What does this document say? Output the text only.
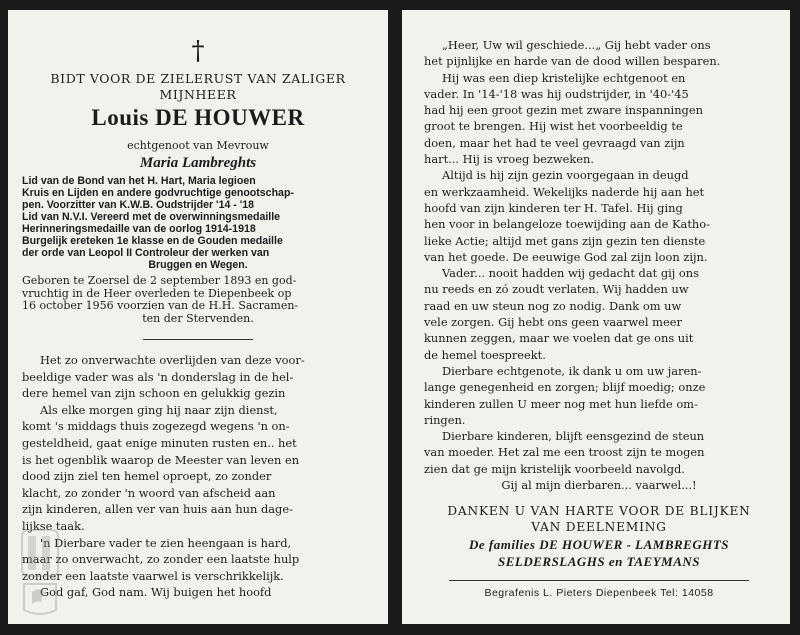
†
BIDT VOOR DE ZIELERUST VAN ZALIGER
MIJNHEER
Louis DE HOUWER
echtgenoot van Mevrouw
Maria Lambreghts
Lid van de Bond van het H. Hart, Maria legioen
Kruis en Lijden en andere godvruchtige genootschap-
pen. Voorzitter van K.W.B. Oudstrijder '14 - '18
Lid van N.V.I. Vereerd met de overwinningsmedaille
Herinneringsmedaille van de oorlog 1914-1918
Burgelijk ereteken 1e klasse en de Gouden medaille
der orde van Leopol II Controleur der werken van
Bruggen en Wegen.
Geboren te Zoersel de 2 september 1893 en god-
vruchtig in de Heer overleden te Diepenbeek op
16 october 1956 voorzien van de H.H. Sacramen-
ten der Stervenden.
Het zo onverwachte overlijden van deze voor-
beeldige vader was als 'n donderslag in de hel-
dere hemel van zijn schoon en gelukkig gezin
Als elke morgen ging hij naar zijn dienst,
komt 's middags thuis zogezegd wegens 'n on-
gesteldheid, gaat enige minuten rusten en.. het
is het ogenblik waarop de Meester van leven en
dood zijn ziel ten hemel oproept, zo zonder
klacht, zo zonder 'n woord van afscheid aan
zijn kinderen, allen ver van huis aan hun dage-
lijkse taak.
'n Dierbare vader te zien heengaan is hard,
maar zo onverwacht, zo zonder een laatste hulp
zonder een laatste vaarwel is verschrikkelijk.
God gaf, God nam. Wij buigen het hoofd
„Heer, Uw wil geschiede...„ Gij hebt vader ons
het pijnlijke en harde van de dood willen besparen.
Hij was een diep kristelijke echtgenoot en
vader. In '14-'18 was hij oudstrijder, in '40-'45
had hij een groot gezin met zware inspanningen
groot te brengen. Hij wist het voorbeeldig te
doen, maar het had te veel gevraagd van zijn
hart... Hij is vroeg bezweken.
Altijd is hij zijn gezin voorgegaan in deugd
en werkzaamheid. Wekelijks naderde hij aan het
hoofd van zijn kinderen ter H. Tafel. Hij ging
hen voor in belangeloze toewijding aan de Katho-
lieke Actie; altijd met gans zijn gezin ten dienste
van het goede. De eeuwige God zal zijn loon zijn.
Vader... nooit hadden wij gedacht dat gij ons
nu reeds en zó zoudt verlaten. Wij hadden uw
raad en uw steun nog zo nodig. Dank om uw
vele zorgen. Gij hebt ons geen vaarwel meer
kunnen zeggen, maar we voelen dat ge ons uit
de hemel toespreekt.
Dierbare echtgenote, ik dank u om uw jaren-
lange genegenheid en zorgen; blijf moedig; onze
kinderen zullen U meer nog met hun liefde om-
ringen.
Dierbare kinderen, blijft eensgezind de steun
van moeder. Het zal me een troost zijn te mogen
zien dat ge mijn kristelijk voorbeeld navolgd.
Gij al mijn dierbaren... vaarwel...!
DANKEN U VAN HARTE VOOR DE BLIJKEN
VAN DEELNEMING
De families DE HOUWER - LAMBREGHTS
SELDERSLAGHS en TAEYMANS
Begrafenis L. Pieters Diepenbeek Tel: 14058
